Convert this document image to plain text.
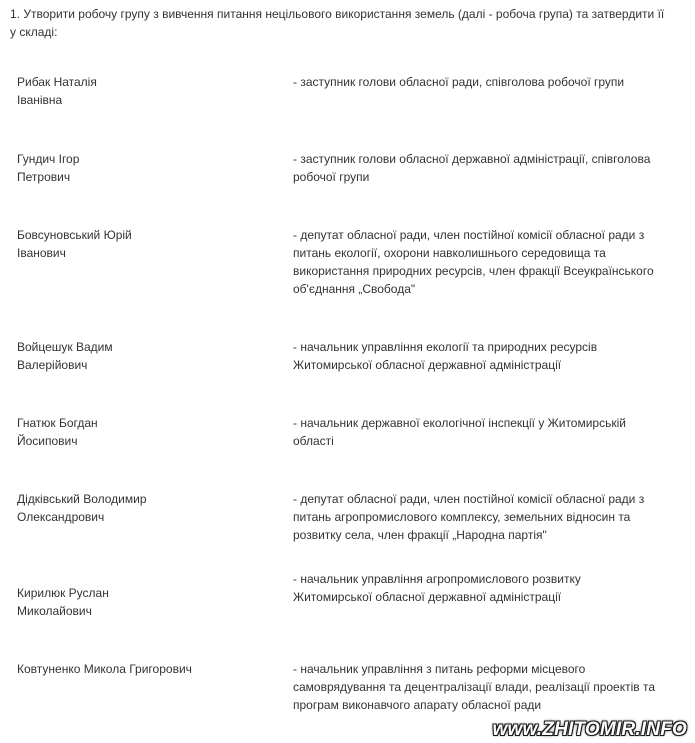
1. Утворити робочу групу з вивчення питання нецільового використання земель (далі - робоча група) та затвердити її
у складі:

Рибак Наталія
Іванівна
- заступник голови обласної ради, співголова робочої групи
Гундич Ігор
Петрович
- заступник голови обласної державної адміністрації, співголова
робочої групи
Бовсуновський Юрій
Іванович
- депутат обласної ради, член постійної комісії обласної ради з
питань екології, охорони навколишнього середовища та
використання природних ресурсів, член фракції Всеукраїнського
об'єднання „Свобода"
Войцешук Вадим
Валерійович
- начальник управління екології та природних ресурсів
Житомирської обласної державної адміністрації
Гнатюк Богдан
Йосипович
- начальник державної екологічної інспекції у Житомирській
області
Дідківський Володимир
Олександрович
- депутат обласної ради, член постійної комісії обласної ради з
питань агропромислового комплексу, земельних відносин та
розвитку села, член фракції „Народна партія"
Кирилюк Руслан
Миколайович
- начальник управління агропромислового розвитку
Житомирської обласної державної адміністрації
Ковтуненко Микола Григорович	- начальник управління з питань реформи місцевого
самоврядування та децентралізації влади, реалізації проектів та
програм виконавчого апарату обласної ради
www.ZHITOMIR.INFO
